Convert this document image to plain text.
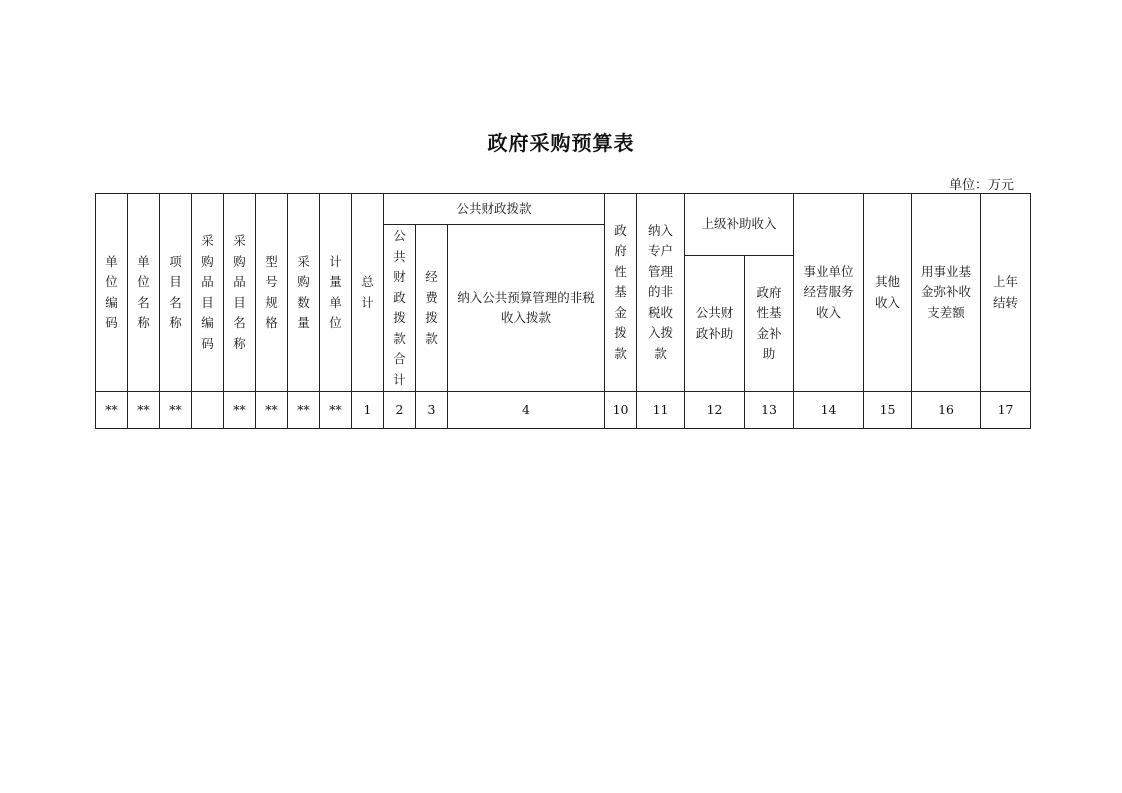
政府采购预算表
单位：万元
单位编码	单位名称	项目名称	采购品目编码	采购品目名称	型号规格	采购数量	计量单位	总计	公共财政拨款			政府性基金拨款	纳入专户管理的非税收入拨款	上级补助收入		事业单位经营服务收入	其他收入	用事业基金弥补收支差额	上年结转

									公共财政拨款合计	经费拨款	纳入公共预算管理的非税收入拨款								

														公共财政补助	政府性基金补助				

**	**	**		**	**	**	**	1	2	3	4	10	11	12	13	14	15	16	17
